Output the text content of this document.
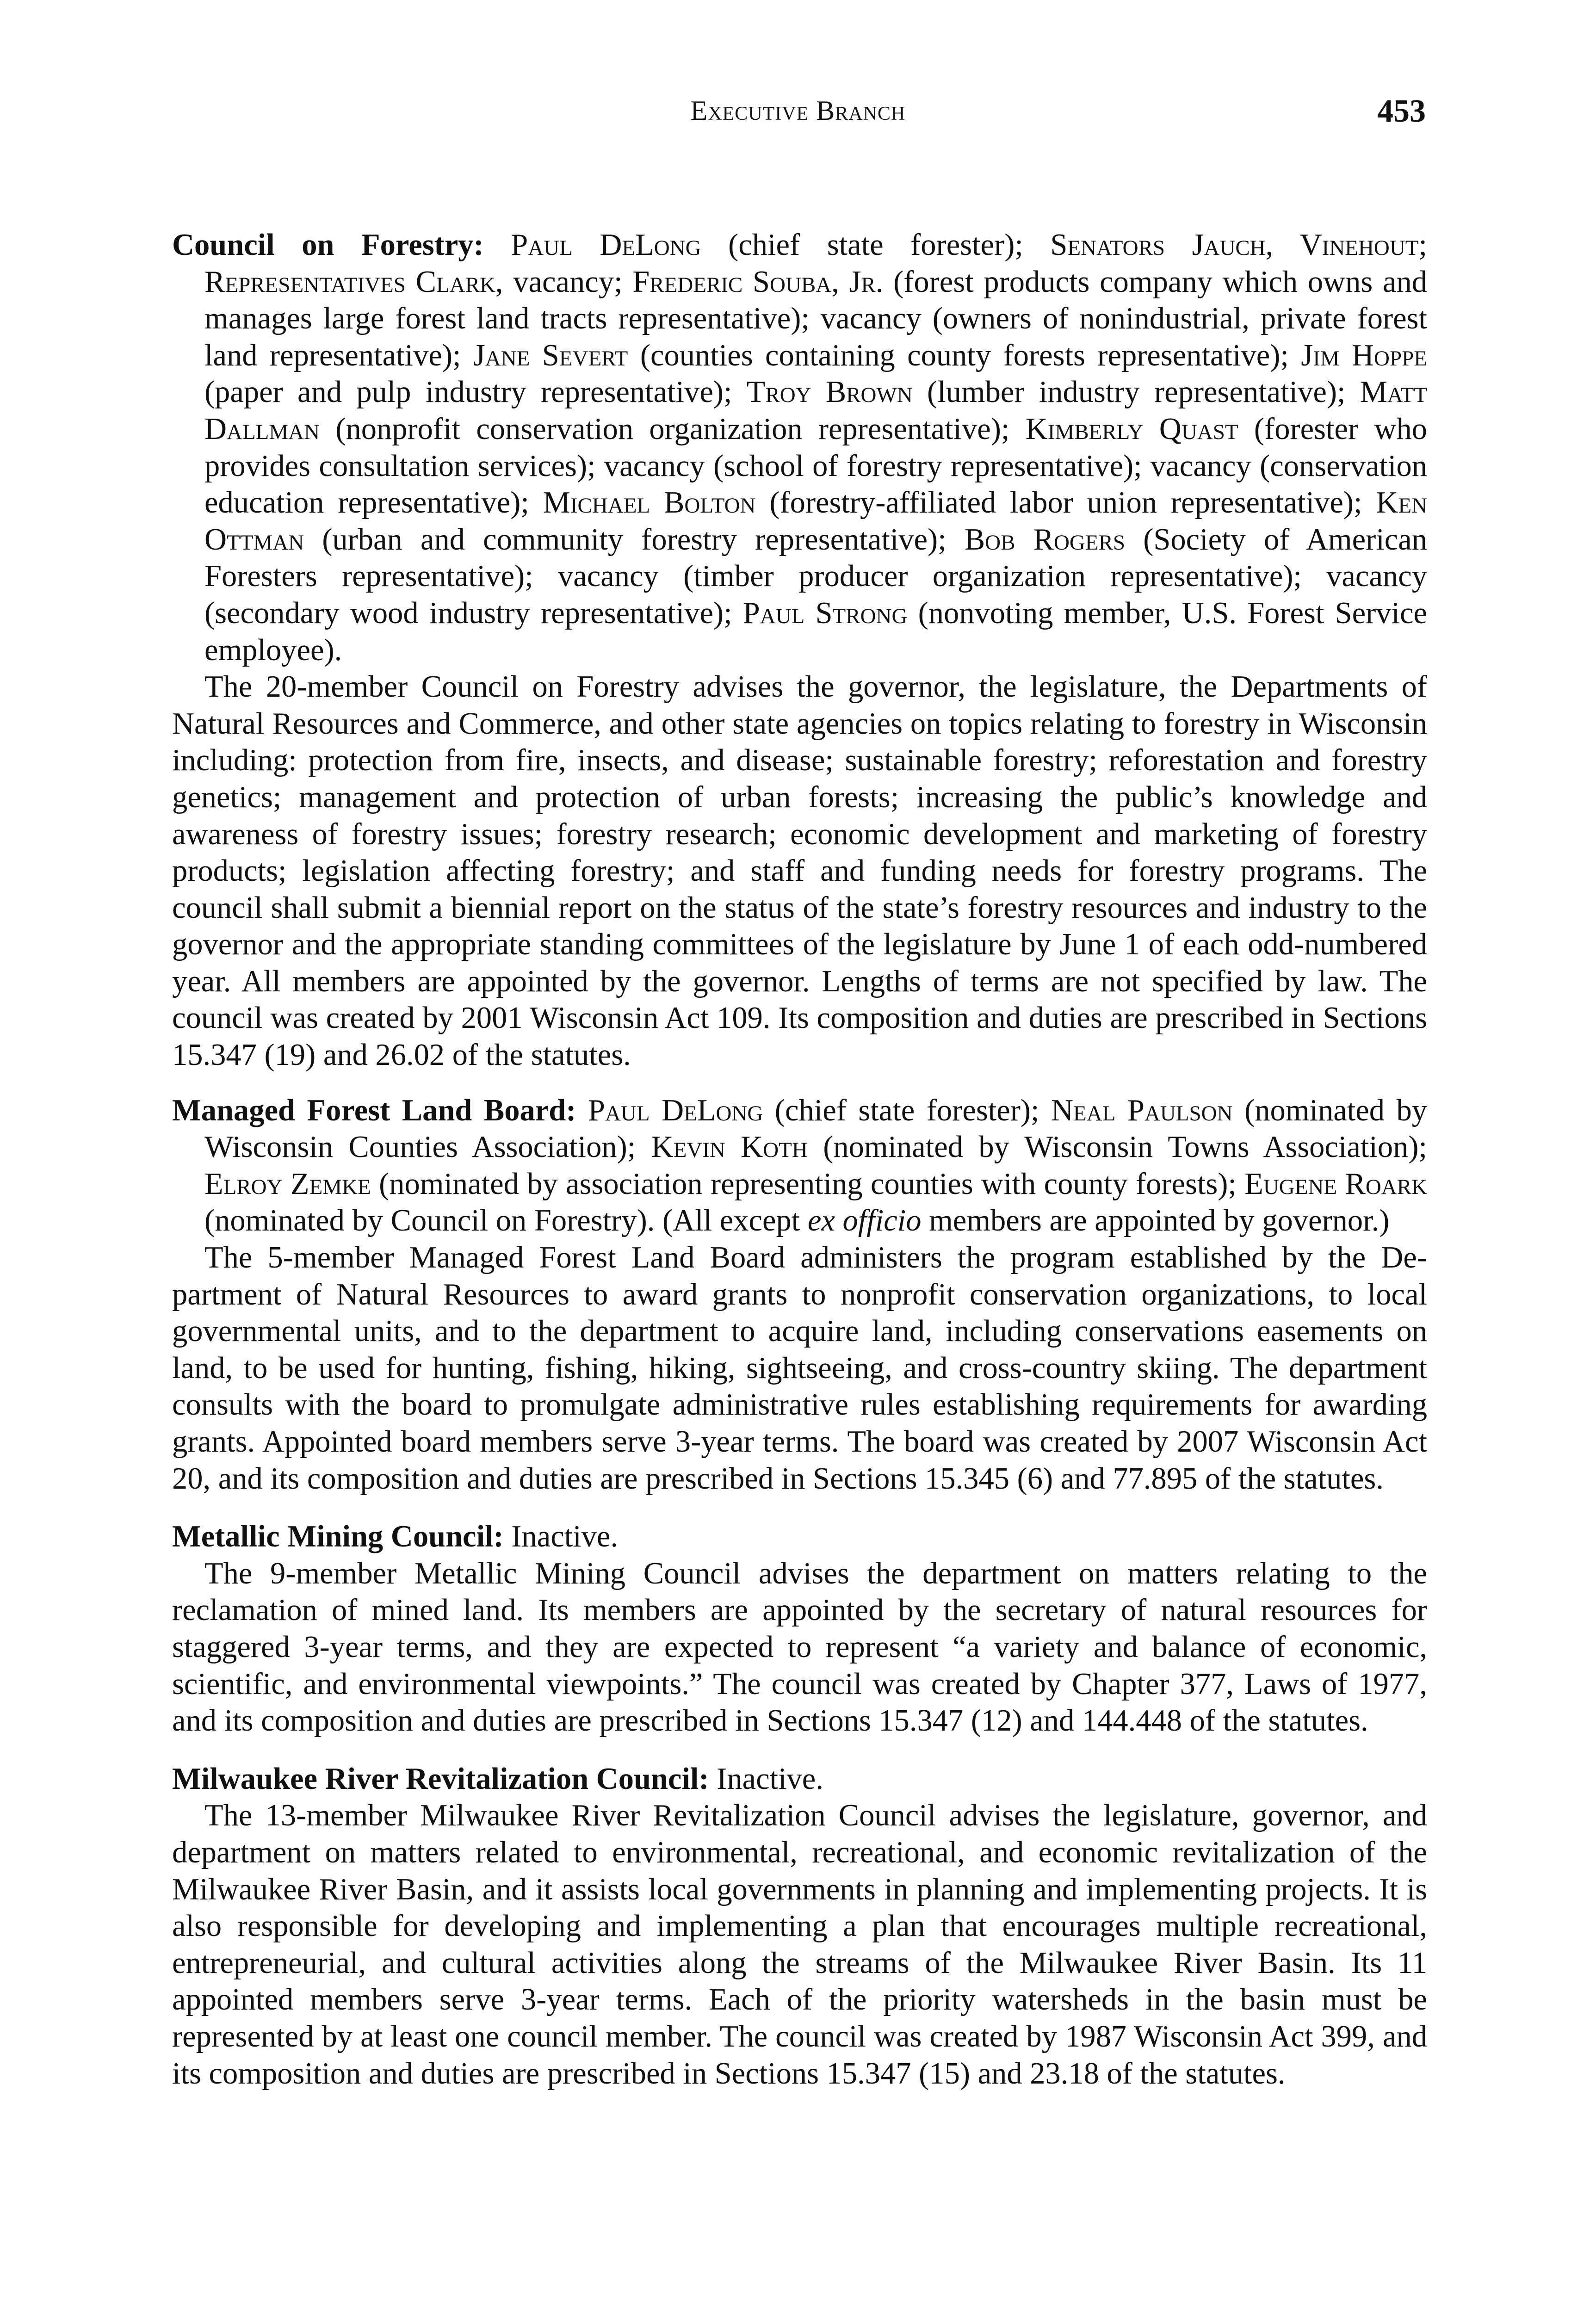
Executive Branch	453

Council on Forestry: Paul DeLong (chief state forester); Senators Jauch, Vinehout; Representatives Clark, vacancy; Frederic Souba, Jr. (forest products company which owns and manages large forest land tracts representative); vacancy (owners of nonindustrial, private forest land representative); Jane Severt (counties containing county forests representative); Jim Hoppe (paper and pulp industry representative); Troy Brown (lumber industry representative); Matt Dallman (nonprofit conservation organization representative); Kimberly Quast (forester who provides consultation services); vacancy (school of forestry representative); vacancy (conservation education representative); Michael Bolton (forestry-affiliated labor union representative); Ken Ottman (urban and community forestry representative); Bob Rogers (Society of American Foresters representative); vacancy (timber producer organization representative); vacancy (secondary wood industry representative); Paul Strong (nonvoting member, U.S. Forest Service employee).

The 20-member Council on Forestry advises the governor, the legislature, the Departments of Natural Resources and Commerce, and other state agencies on topics relating to forestry in Wisconsin including: protection from fire, insects, and disease; sustainable forestry; reforestation and forestry genetics; management and protection of urban forests; increasing the public’s knowledge and awareness of forestry issues; forestry research; economic development and marketing of forestry products; legislation affecting forestry; and staff and funding needs for forestry programs. The council shall submit a biennial report on the status of the state’s forestry resources and industry to the governor and the appropriate standing committees of the legislature by June 1 of each odd-numbered year. All members are appointed by the governor. Lengths of terms are not specified by law. The council was created by 2001 Wisconsin Act 109. Its composition and duties are prescribed in Sections 15.347 (19) and 26.02 of the statutes.

Managed Forest Land Board: Paul DeLong (chief state forester); Neal Paulson (nominated by Wisconsin Counties Association); Kevin Koth (nominated by Wisconsin Towns Association); Elroy Zemke (nominated by association representing counties with county forests); Eugene Roark (nominated by Council on Forestry). (All except ex officio members are appointed by governor.)

The 5-member Managed Forest Land Board administers the program established by the Department of Natural Resources to award grants to nonprofit conservation organizations, to local governmental units, and to the department to acquire land, including conservations easements on land, to be used for hunting, fishing, hiking, sightseeing, and cross-country skiing. The department consults with the board to promulgate administrative rules establishing requirements for awarding grants. Appointed board members serve 3-year terms. The board was created by 2007 Wisconsin Act 20, and its composition and duties are prescribed in Sections 15.345 (6) and 77.895 of the statutes.

Metallic Mining Council: Inactive.

The 9-member Metallic Mining Council advises the department on matters relating to the reclamation of mined land. Its members are appointed by the secretary of natural resources for staggered 3-year terms, and they are expected to represent “a variety and balance of economic, scientific, and environmental viewpoints.” The council was created by Chapter 377, Laws of 1977, and its composition and duties are prescribed in Sections 15.347 (12) and 144.448 of the statutes.

Milwaukee River Revitalization Council: Inactive.

The 13-member Milwaukee River Revitalization Council advises the legislature, governor, and department on matters related to environmental, recreational, and economic revitalization of the Milwaukee River Basin, and it assists local governments in planning and implementing projects. It is also responsible for developing and implementing a plan that encourages multiple recreational, entrepreneurial, and cultural activities along the streams of the Milwaukee River Basin. Its 11 appointed members serve 3-year terms. Each of the priority watersheds in the basin must be represented by at least one council member. The council was created by 1987 Wisconsin Act 399, and its composition and duties are prescribed in Sections 15.347 (15) and 23.18 of the statutes.
